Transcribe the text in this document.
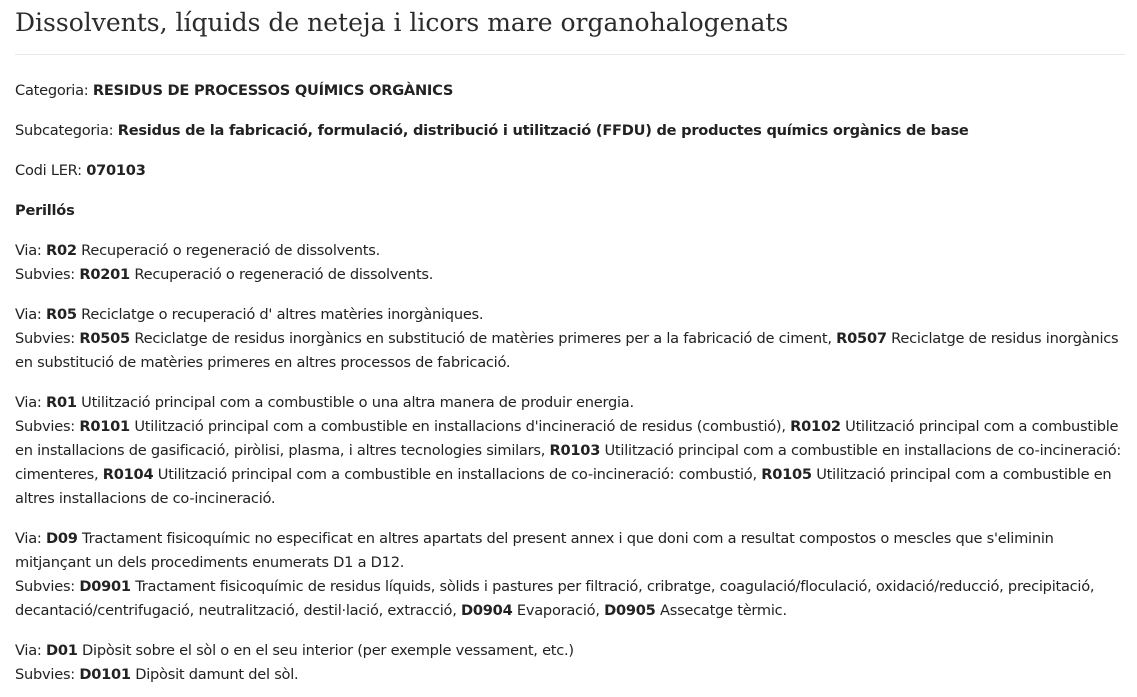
Dissolvents, líquids de neteja i licors mare organohalogenats

Categoria: RESIDUS DE PROCESSOS QUÍMICS ORGÀNICS

Subcategoria: Residus de la fabricació, formulació, distribució i utilització (FFDU) de productes químics orgànics de base

Codi LER: 070103

Perillós

Via: R02 Recuperació o regeneració de dissolvents.

Subvies: R0201 Recuperació o regeneració de dissolvents.

Via: R05 Reciclatge o recuperació d' altres matèries inorgàniques.

Subvies: R0505 Reciclatge de residus inorgànics en substitució de matèries primeres per a la fabricació de ciment, R0507 Reciclatge de residus inorgànics en substitució de matèries primeres en altres processos de fabricació.

Via: R01 Utilització principal com a combustible o una altra manera de produir energia.

Subvies: R0101 Utilització principal com a combustible en installacions d'incineració de residus (combustió), R0102 Utilització principal com a combustible en installacions de gasificació, piròlisi, plasma, i altres tecnologies similars, R0103 Utilització principal com a combustible en installacions de co-incineració: cimenteres, R0104 Utilització principal com a combustible en installacions de co-incineració: combustió, R0105 Utilització principal com a combustible en altres installacions de co-incineració.

Via: D09 Tractament fisicoquímic no especificat en altres apartats del present annex i que doni com a resultat compostos o mescles que s'eliminin mitjançant un dels procediments enumerats D1 a D12.

Subvies: D0901 Tractament fisicoquímic de residus líquids, sòlids i pastures per filtració, cribratge, coagulació/floculació, oxidació/reducció, precipitació, decantació/centrifugació, neutralització, destil·lació, extracció, D0904 Evaporació, D0905 Assecatge tèrmic.

Via: D01 Dipòsit sobre el sòl o en el seu interior (per exemple vessament, etc.)

Subvies: D0101 Dipòsit damunt del sòl.
